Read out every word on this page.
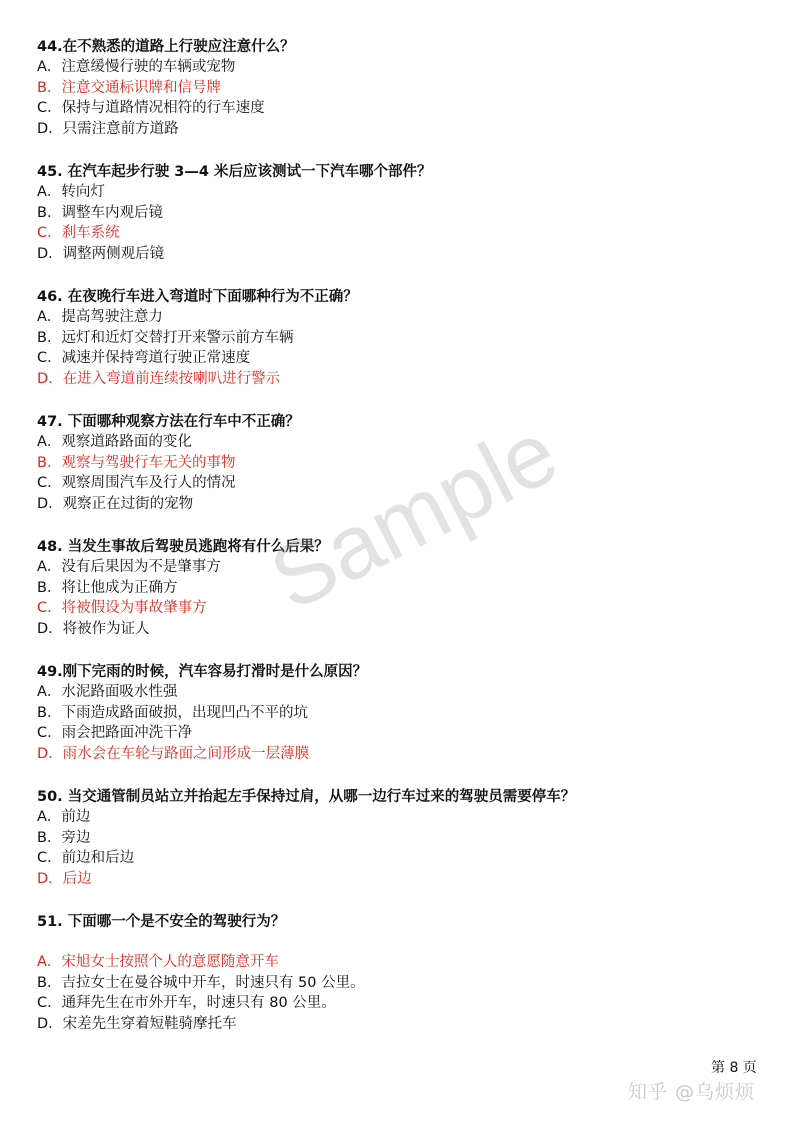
44.在不熟悉的道路上行驶应注意什么？
A．注意缓慢行驶的车辆或宠物
B．注意交通标识牌和信号牌
C．保持与道路情况相符的行车速度
D．只需注意前方道路
45. 在汽车起步行驶 3—4 米后应该测试一下汽车哪个部件？
A．转向灯
B．调整车内观后镜
C．刹车系统
D．调整两侧观后镜
46. 在夜晚行车进入弯道时下面哪种行为不正确？
A．提高驾驶注意力
B．远灯和近灯交替打开来警示前方车辆
C．减速并保持弯道行驶正常速度
D．在进入弯道前连续按喇叭进行警示
47. 下面哪种观察方法在行车中不正确？
A．观察道路路面的变化
B．观察与驾驶行车无关的事物
C．观察周围汽车及行人的情况
D．观察正在过街的宠物
48. 当发生事故后驾驶员逃跑将有什么后果？
A．没有后果因为不是肇事方
B．将让他成为正确方
C．将被假设为事故肇事方
D．将被作为证人
49.刚下完雨的时候，汽车容易打滑时是什么原因？
A．水泥路面吸水性强
B．下雨造成路面破损，出现凹凸不平的坑
C．雨会把路面冲洗干净
D．雨水会在车轮与路面之间形成一层薄膜
50. 当交通管制员站立并抬起左手保持过肩，从哪一边行车过来的驾驶员需要停车？
A．前边
B．旁边
C．前边和后边
D．后边
51. 下面哪一个是不安全的驾驶行为？
A．宋旭女士按照个人的意愿随意开车
B．吉拉女士在曼谷城中开车，时速只有 50 公里。
C．通拜先生在市外开车，时速只有 80 公里。
D．宋差先生穿着短鞋骑摩托车
Sample
第 8 页
知乎 @乌烦烦
